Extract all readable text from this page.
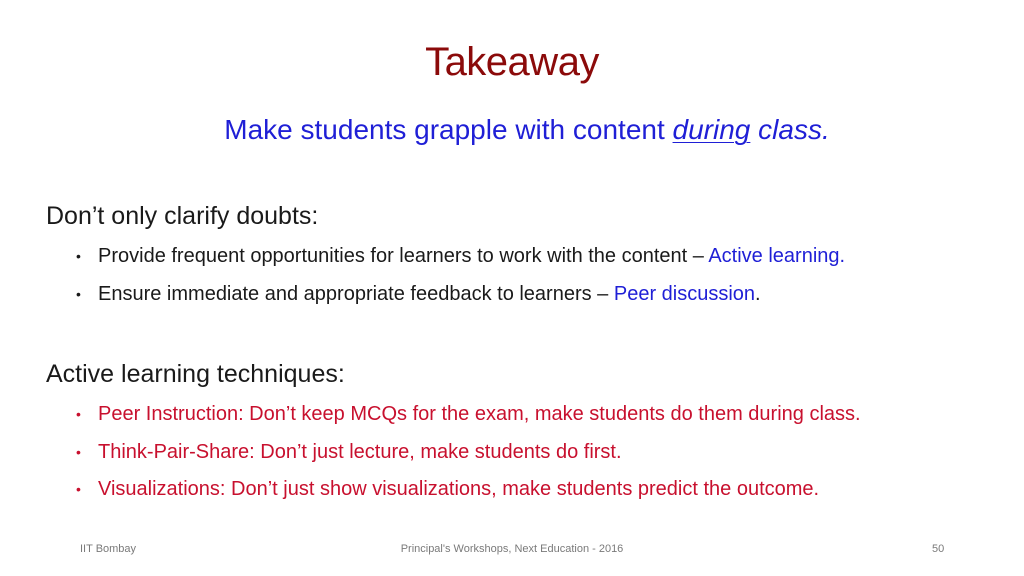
Takeaway
Make students grapple with content during class.
Don’t only clarify doubts:
• Provide frequent opportunities for learners to work with the content – Active learning.
• Ensure immediate and appropriate feedback to learners – Peer discussion.
Active learning techniques:
• Peer Instruction: Don’t keep MCQs for the exam, make students do them during class.
• Think-Pair-Share: Don’t just lecture, make students do first.
• Visualizations: Don’t just show visualizations, make students predict the outcome.
IIT Bombay	Principal's Workshops, Next Education - 2016	50
